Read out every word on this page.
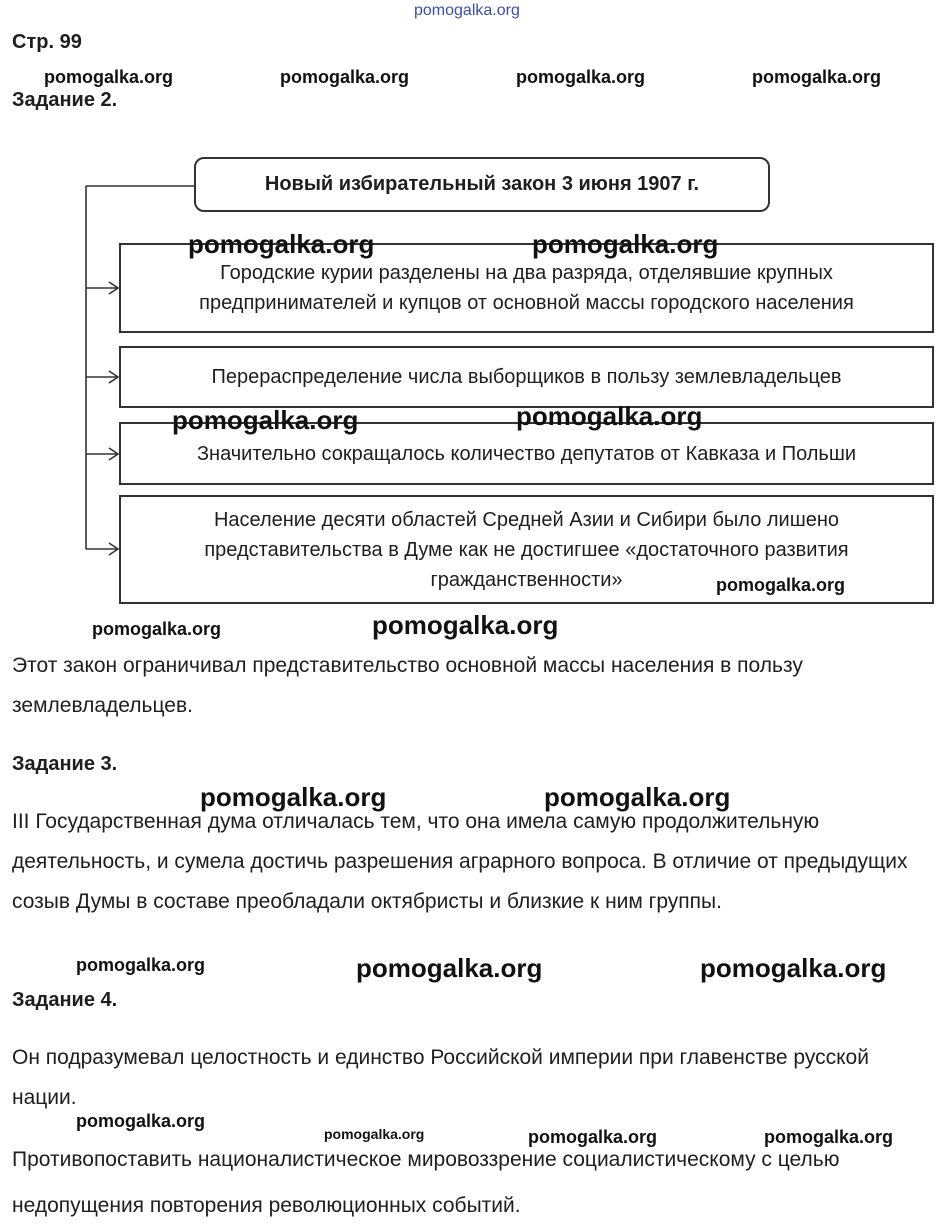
pomogalka.org
Стр. 99
pomogalka.org	pomogalka.org	pomogalka.org	pomogalka.org
Задание 2.
Новый избирательный закон 3 июня 1907 г.
Городские курии разделены на два разряда, отделявшие крупных предпринимателей и купцов от основной массы городского населения
Перераспределение числа выборщиков в пользу землевладельцев
Значительно сокращалось количество депутатов от Кавказа и Польши
Население десяти областей Средней Азии и Сибири было лишено представительства в Думе как не достигшее «достаточного развития гражданственности»
pomogalka.org	pomogalka.org
pomogalka.org	pomogalka.org
pomogalka.org
pomogalka.org	pomogalka.org
Этот закон ограничивал представительство основной массы населения в пользу землевладельцев.
Задание 3.
III Государственная дума отличалась тем, что она имела самую продолжительную деятельность, и сумела достичь разрешения аграрного вопроса. В отличие от предыдущих созыв Думы в составе преобладали октябристы и близкие к ним группы.
pomogalka.org	pomogalka.org
pomogalka.org	pomogalka.org	pomogalka.org
Задание 4.
Он подразумевал целостность и единство Российской империи при главенстве русской нации.
pomogalka.org
pomogalka.org	pomogalka.org	pomogalka.org
Противопоставить националистическое мировоззрение социалистическому с целью недопущения повторения революционных событий.
